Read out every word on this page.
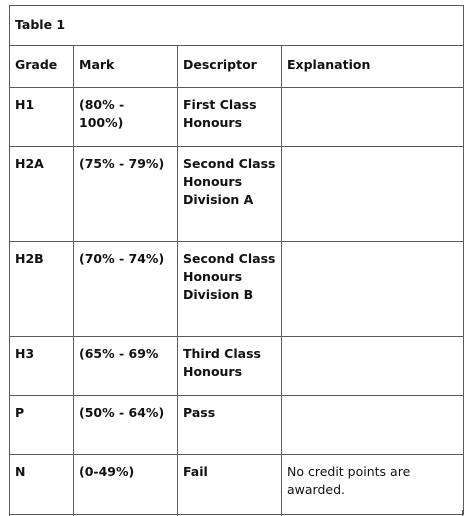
Table 1			
Grade	Mark	Descriptor	Explanation
H1	(80% - 100%)	First Class Honours	
H2A	(75% - 79%)	Second Class Honours Division A	
H2B	(70% - 74%)	Second Class Honours Division B	
H3	(65% - 69%	Third Class Honours	
P	(50% - 64%)	Pass	
N	(0-49%)	Fail	No credit points are awarded.
